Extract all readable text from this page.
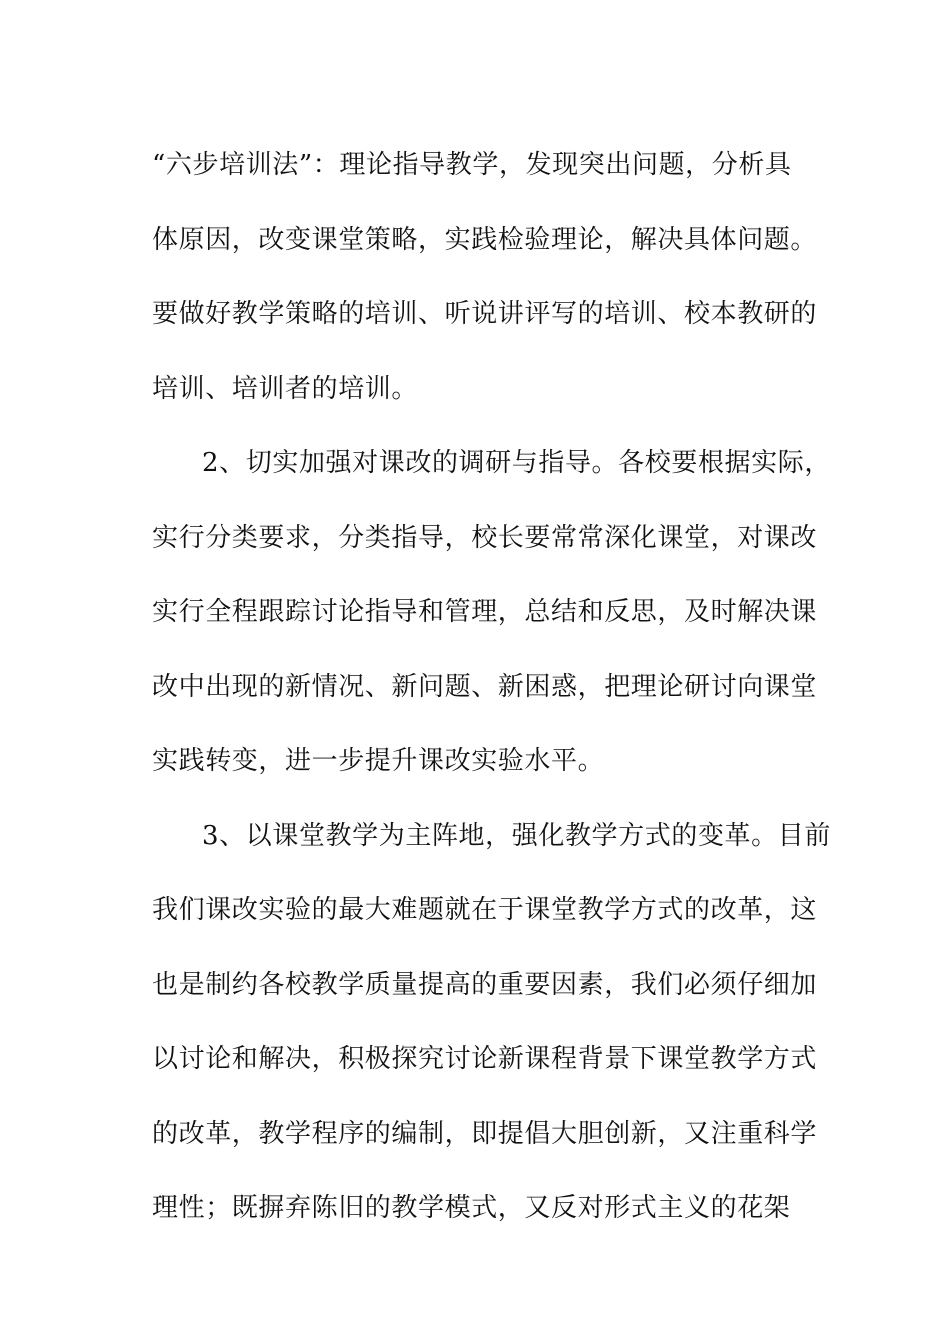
“六步培训法”：理论指导教学，发现突出问题，分析具
体原因，改变课堂策略，实践检验理论，解决具体问题。
要做好教学策略的培训、听说讲评写的培训、校本教研的
培训、培训者的培训。
2、切实加强对课改的调研与指导。各校要根据实际，
实行分类要求，分类指导，校长要常常深化课堂，对课改
实行全程跟踪讨论指导和管理，总结和反思，及时解决课
改中出现的新情况、新问题、新困惑，把理论研讨向课堂
实践转变，进一步提升课改实验水平。
3、以课堂教学为主阵地，强化教学方式的变革。目前
我们课改实验的最大难题就在于课堂教学方式的改革，这
也是制约各校教学质量提高的重要因素，我们必须仔细加
以讨论和解决，积极探究讨论新课程背景下课堂教学方式
的改革，教学程序的编制，即提倡大胆创新，又注重科学
理性；既摒弃陈旧的教学模式，又反对形式主义的花架
